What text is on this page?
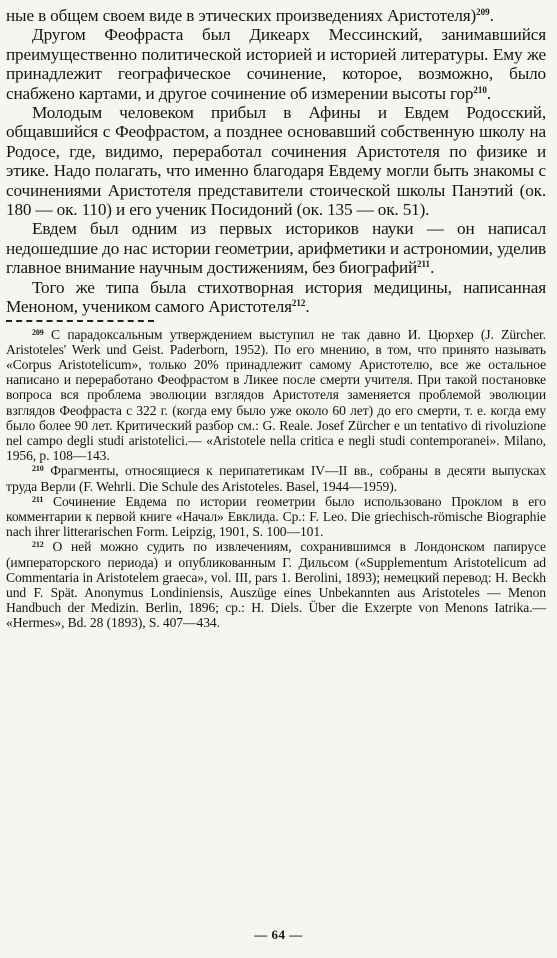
ные в общем своем виде в этических произведениях Аристотеля)$^{209}$.

Другом Феофраста был Дикеарх Мессинский, занимавшийся преимущественно политической историей и историей литературы. Ему же принадлежит географическое сочинение, которое, возможно, было снабжено картами, и другое сочинение об измерении высоты гор$^{210}$.

Молодым человеком прибыл в Афины и Евдем Родосский, общавшийся с Феофрастом, а позднее основавший собственную школу на Родосе, где, видимо, переработал сочинения Аристотеля по физике и этике. Надо полагать, что именно благодаря Евдему могли быть знакомы с сочинениями Аристотеля представители стоической школы Панэтий (ок. 180 — ок. 110) и его ученик Посидоний (ок. 135 — ок. 51).

Евдем был одним из первых историков науки — он написал недошедшие до нас истории геометрии, арифметики и астрономии, уделив главное внимание научным достижениям, без биографий$^{211}$.

Того же типа была стихотворная история медицины, написанная Меноном, учеником самого Аристотеля$^{212}$.

$^{209}$ С парадоксальным утверждением выступил не так давно И. Цюрхер (J. Zürcher. Aristoteles' Werk und Geist. Paderborn, 1952). По его мнению, в том, что принято называть «Corpus Aristotelicum», только 20% принадлежит самому Аристотелю, все же остальное написано и переработано Феофрастом в Ликее после смерти учителя. При такой постановке вопроса вся проблема эволюции взглядов Аристотеля заменяется проблемой эволюции взглядов Феофраста с 322 г. (когда ему было уже около 60 лет) до его смерти, т. е. когда ему было более 90 лет. Критический разбор см.: G. Reale. Josef Zürcher e un tentativo di rivoluzione nel campo degli studi aristotelici.— «Aristotele nella critica e negli studi contemporanei». Milano, 1956, p. 108—143.

$^{210}$ Фрагменты, относящиеся к перипатетикам IV—II вв., собраны в десяти выпусках труда Верли (F. Wehrli. Die Schule des Aristoteles. Basel, 1944—1959).

$^{211}$ Сочинение Евдема по истории геометрии было использовано Проклом в его комментарии к первой книге «Начал» Евклида. Ср.: F. Leo. Die griechisch-römische Biographie nach ihrer litterarischen Form. Leipzig, 1901, S. 100—101.

$^{212}$ О ней можно судить по извлечениям, сохранившимся в Лондонском папирусе (императорского периода) и опубликованным Г. Дильсом («Supplementum Aristotelicum ad Commentaria in Aristotelem graeca», vol. III, pars 1. Berolini, 1893); немецкий перевод: H. Beckh und F. Spät. Anonymus Londiniensis, Auszüge eines Unbekannten aus Aristoteles — Menon Handbuch der Medizin. Berlin, 1896; ср.: H. Diels. Über die Exzerpte von Menons Iatrika.— «Hermes», Bd. 28 (1893), S. 407—434.

— 64 —
